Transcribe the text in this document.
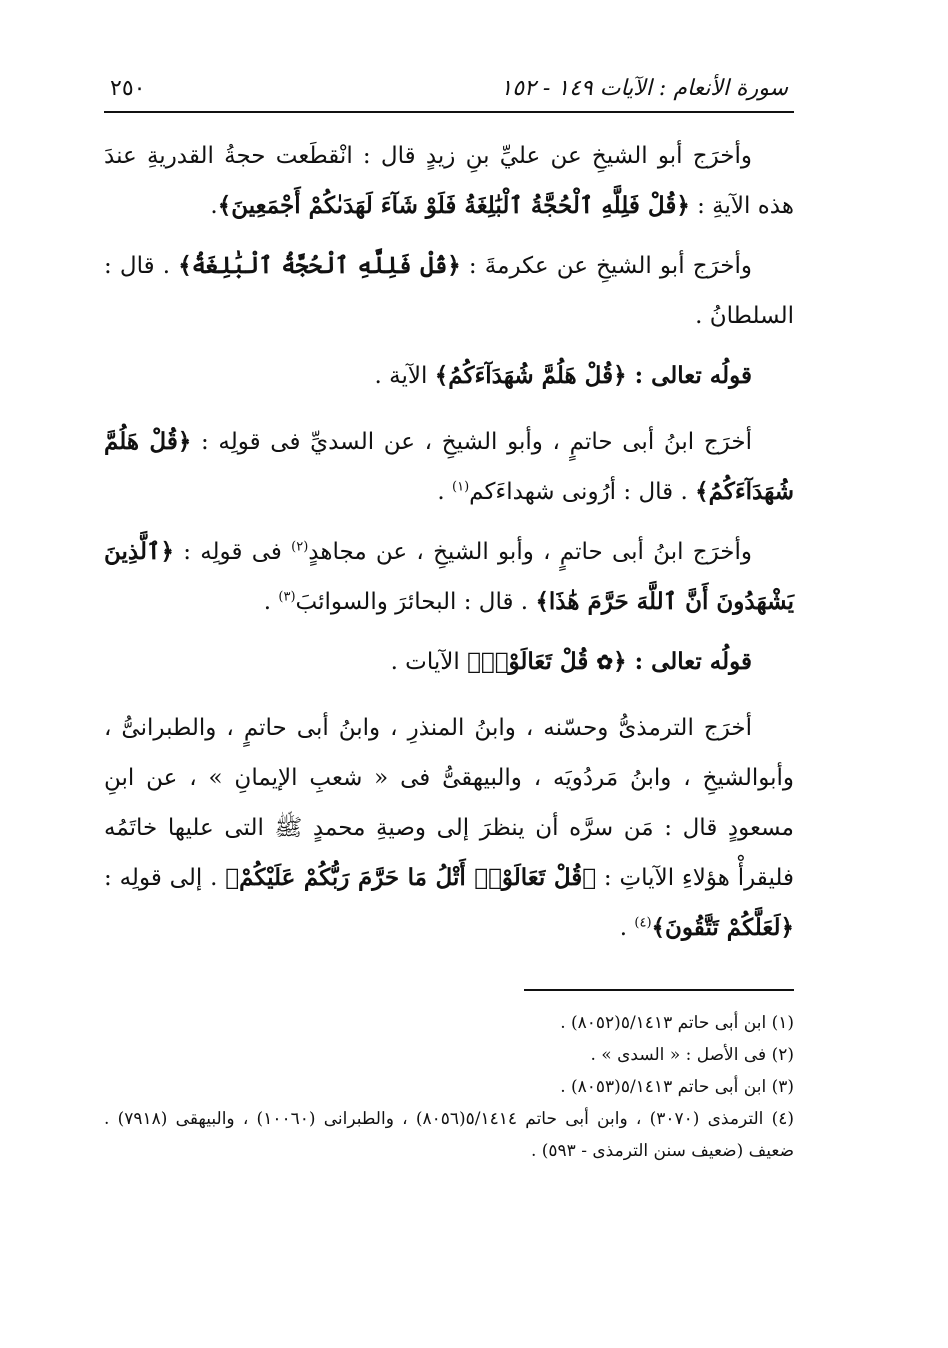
سورة الأنعام : الآيات ١٤٩ - ١٥٢
٢٥٠

وأخرَج أبو الشيخِ عن عليِّ بنِ زيدٍ قال : انْقطَعت حجةُ القدريةِ عندَ هذه الآيةِ : ﴿قُلْ فَلِلَّهِ ٱلْحُجَّةُ ٱلْبَٰلِغَةُ فَلَوْ شَآءَ لَهَدَىٰكُمْ أَجْمَعِينَ﴾.

وأخرَج أبو الشيخِ عن عكرمةَ : ﴿قُلْ فَلِلَّهِ ٱلْحُجَّةُ ٱلْبَٰلِغَةُ﴾ . قال : السلطانُ .

قولُه تعالى : ﴿قُلْ هَلُمَّ شُهَدَآءَكُمُ﴾ الآية .

أخرَج ابنُ أبى حاتمٍ ، وأبو الشيخِ ، عن السديِّ فى قولِه : ﴿قُلْ هَلُمَّ شُهَدَآءَكُمُ﴾ . قال : أرُونى شهداءَكم$^{(١)}$ .

وأخرَج ابنُ أبى حاتمٍ ، وأبو الشيخِ ، عن مجاهدٍ$^{(٢)}$ فى قولِه : ﴿ٱلَّذِينَ يَشْهَدُونَ أَنَّ ٱللَّهَ حَرَّمَ هَٰذَا﴾ . قال : البحائرَ والسوائبَ$^{(٣)}$ .

قولُه تعالى : ﴿✿ قُلْ تَعَالَوْا۟﴾ الآيات .

أخرَج الترمذىُّ وحسّنه ، وابنُ المنذرِ ، وابنُ أبى حاتمٍ ، والطبرانىُّ ، وأبوالشيخِ ، وابنُ مَردُويَه ، والبيهقىُّ فى « شعبِ الإيمانِ » ، عن ابنِ مسعودٍ قال : مَن سرَّه أن ينظرَ إلى وصيةِ محمدٍ ﷺ التى عليها خاتَمُه فليقرأْ هؤلاءِ الآياتِ : ﴿قُلْ تَعَالَوْا۟ أَتْلُ مَا حَرَّمَ رَبُّكُمْ عَلَيْكُمْ﴾ . إلى قولِه : ﴿لَعَلَّكُمْ تَتَّقُونَ﴾$^{(٤)}$ .

(١) ابن أبى حاتم ٥/١٤١٣(٨٠٥٢) .

(٢) فى الأصل : « السدى » .

(٣) ابن أبى حاتم ٥/١٤١٣(٨٠٥٣) .

(٤) الترمذى (٣٠٧٠) ، وابن أبى حاتم ٥/١٤١٤(٨٠٥٦) ، والطبرانى (١٠٠٦٠) ، والبيهقى (٧٩١٨) . ضعيف (ضعيف سنن الترمذى - ٥٩٣) .
